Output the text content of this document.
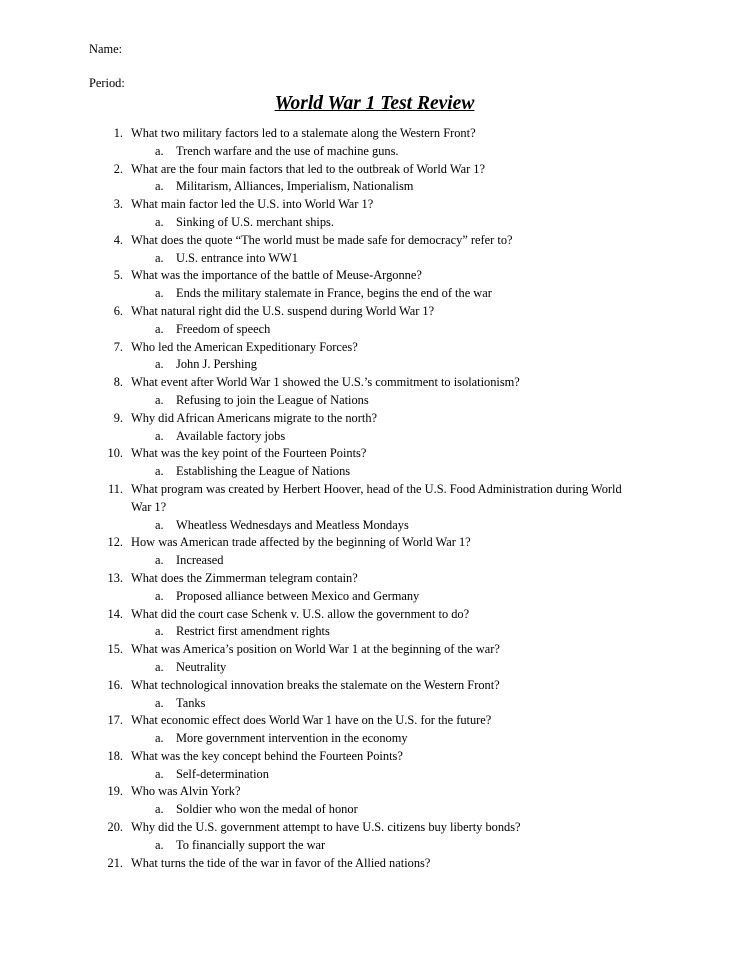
Name:
Period:
World War 1 Test Review
1. What two military factors led to a stalemate along the Western Front?
a. Trench warfare and the use of machine guns.
2. What are the four main factors that led to the outbreak of World War 1?
a. Militarism, Alliances, Imperialism, Nationalism
3. What main factor led the U.S. into World War 1?
a. Sinking of U.S. merchant ships.
4. What does the quote “The world must be made safe for democracy” refer to?
a. U.S. entrance into WW1
5. What was the importance of the battle of Meuse-Argonne?
a. Ends the military stalemate in France, begins the end of the war
6. What natural right did the U.S. suspend during World War 1?
a. Freedom of speech
7. Who led the American Expeditionary Forces?
a. John J. Pershing
8. What event after World War 1 showed the U.S.’s commitment to isolationism?
a. Refusing to join the League of Nations
9. Why did African Americans migrate to the north?
a. Available factory jobs
10. What was the key point of the Fourteen Points?
a. Establishing the League of Nations
11. What program was created by Herbert Hoover, head of the U.S. Food Administration during World War 1?
a. Wheatless Wednesdays and Meatless Mondays
12. How was American trade affected by the beginning of World War 1?
a. Increased
13. What does the Zimmerman telegram contain?
a. Proposed alliance between Mexico and Germany
14. What did the court case Schenk v. U.S. allow the government to do?
a. Restrict first amendment rights
15. What was America’s position on World War 1 at the beginning of the war?
a. Neutrality
16. What technological innovation breaks the stalemate on the Western Front?
a. Tanks
17. What economic effect does World War 1 have on the U.S. for the future?
a. More government intervention in the economy
18. What was the key concept behind the Fourteen Points?
a. Self-determination
19. Who was Alvin York?
a. Soldier who won the medal of honor
20. Why did the U.S. government attempt to have U.S. citizens buy liberty bonds?
a. To financially support the war
21. What turns the tide of the war in favor of the Allied nations?
